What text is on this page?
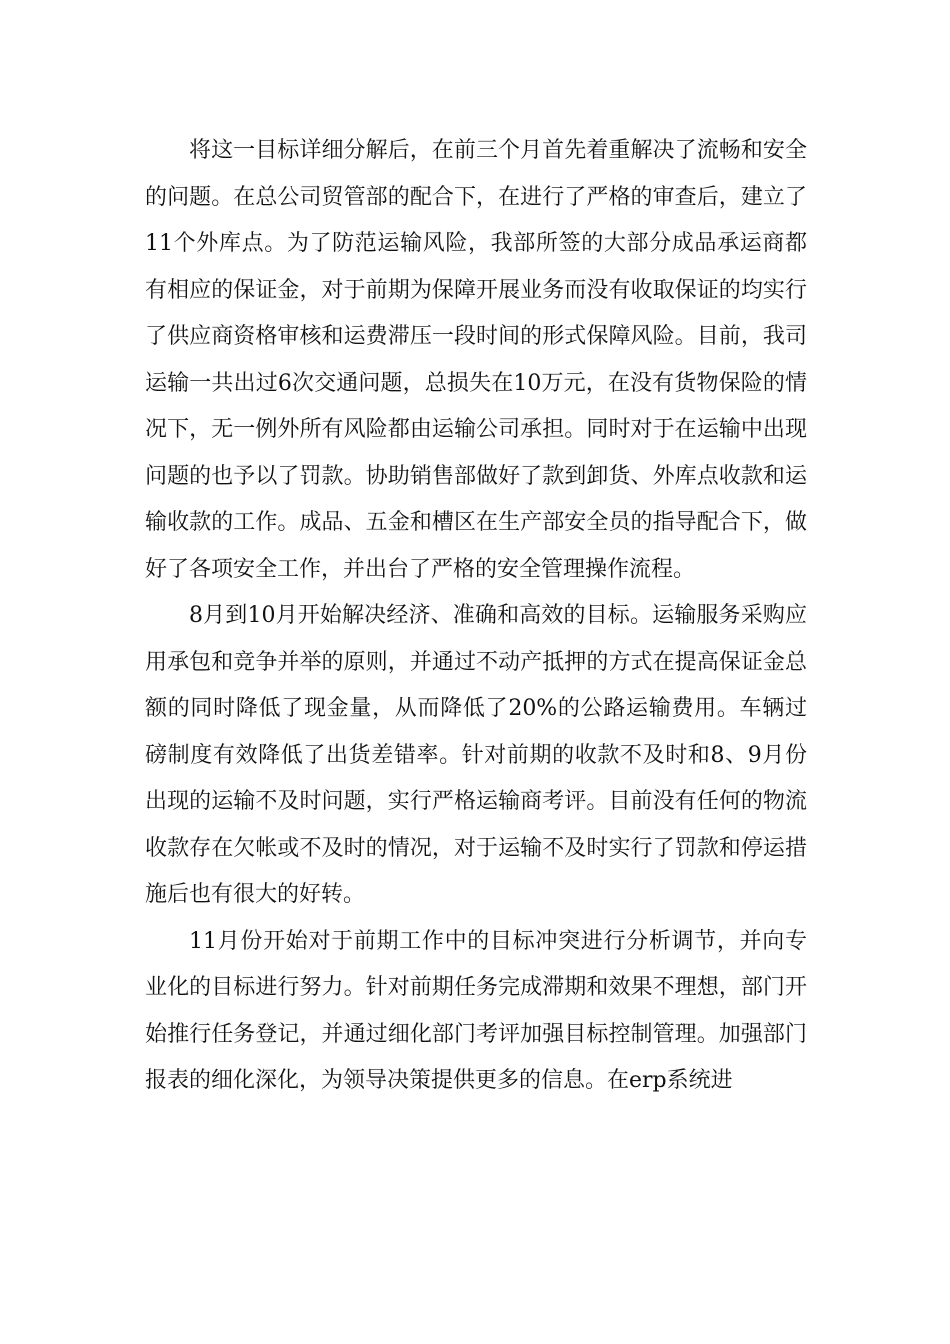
将这一目标详细分解后，在前三个月首先着重解决了流畅和安全的问题。在总公司贸管部的配合下，在进行了严格的审查后，建立了11个外库点。为了防范运输风险，我部所签的大部分成品承运商都有相应的保证金，对于前期为保障开展业务而没有收取保证的均实行了供应商资格审核和运费滞压一段时间的形式保障风险。目前，我司运输一共出过6次交通问题，总损失在10万元，在没有货物保险的情况下，无一例外所有风险都由运输公司承担。同时对于在运输中出现问题的也予以了罚款。协助销售部做好了款到卸货、外库点收款和运输收款的工作。成品、五金和槽区在生产部安全员的指导配合下，做好了各项安全工作，并出台了严格的安全管理操作流程。

8月到10月开始解决经济、准确和高效的目标。运输服务采购应用承包和竞争并举的原则，并通过不动产抵押的方式在提高保证金总额的同时降低了现金量，从而降低了20%的公路运输费用。车辆过磅制度有效降低了出货差错率。针对前期的收款不及时和8、9月份出现的运输不及时问题，实行严格运输商考评。目前没有任何的物流收款存在欠帐或不及时的情况，对于运输不及时实行了罚款和停运措施后也有很大的好转。

11月份开始对于前期工作中的目标冲突进行分析调节，并向专业化的目标进行努力。针对前期任务完成滞期和效果不理想，部门开始推行任务登记，并通过细化部门考评加强目标控制管理。加强部门报表的细化深化，为领导决策提供更多的信息。在erp系统进
